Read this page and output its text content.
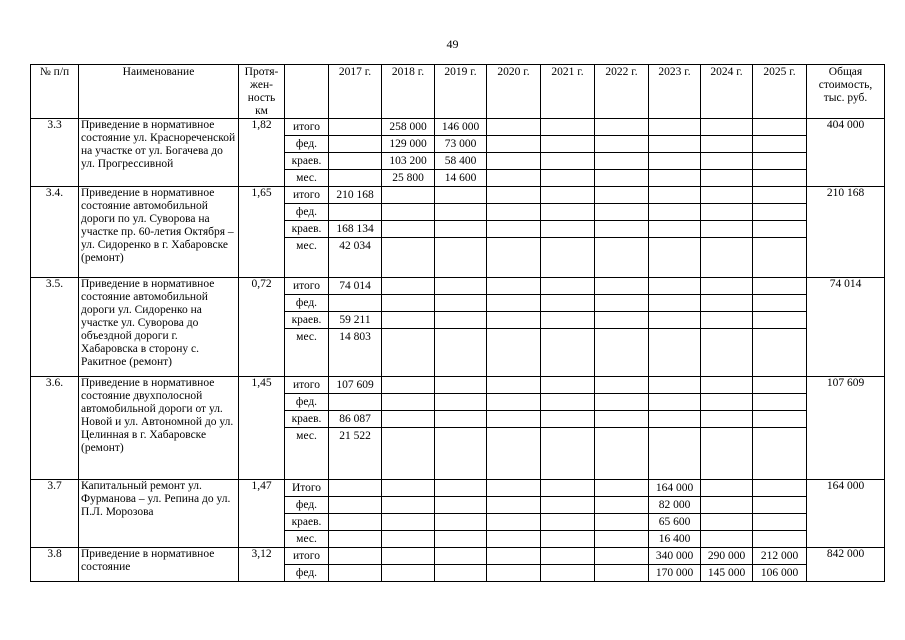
49
№ п/п	Наименование	Протя-жен-ность км		2017 г.	2018 г.	2019 г.	2020 г.	2021 г.	2022 г.	2023 г.	2024 г.	2025 г.	Общая стоимость, тыс. руб.
3.3	Приведение в нормативное состояние ул. Краснореченской на участке от ул. Богачева до ул. Прогрессивной	1,82	итого		258 000	146 000							404 000
			фед.		129 000	73 000							
			краев.		103 200	58 400							
			мес.		25 800	14 600							
3.4.	Приведение в нормативное состояние автомобильной дороги по ул. Суворова на участке пр. 60-летия Октября – ул. Сидоренко в г. Хабаровске (ремонт)	1,65	итого	210 168									210 168
			фед.										
			краев.	168 134									
			мес.	42 034									
3.5.	Приведение в нормативное состояние автомобильной дороги ул. Сидоренко на участке ул. Суворова до объездной дороги г. Хабаровска в сторону с. Ракитное (ремонт)	0,72	итого	74 014									74 014
			фед.										
			краев.	59 211									
			мес.	14 803									
3.6.	Приведение в нормативное состояние двухполосной автомобильной дороги от ул. Новой и ул. Автономной до ул. Целинная в г. Хабаровске (ремонт)	1,45	итого	107 609									107 609
			фед.										
			краев.	86 087									
			мес.	21 522									
3.7	Капитальный ремонт ул. Фурманова – ул. Репина до ул. П.Л. Морозова	1,47	Итого							164 000			164 000
			фед.							82 000			
			краев.							65 600			
			мес.							16 400			
3.8	Приведение в нормативное состояние	3,12	итого							340 000	290 000	212 000	842 000
			фед.							170 000	145 000	106 000	
